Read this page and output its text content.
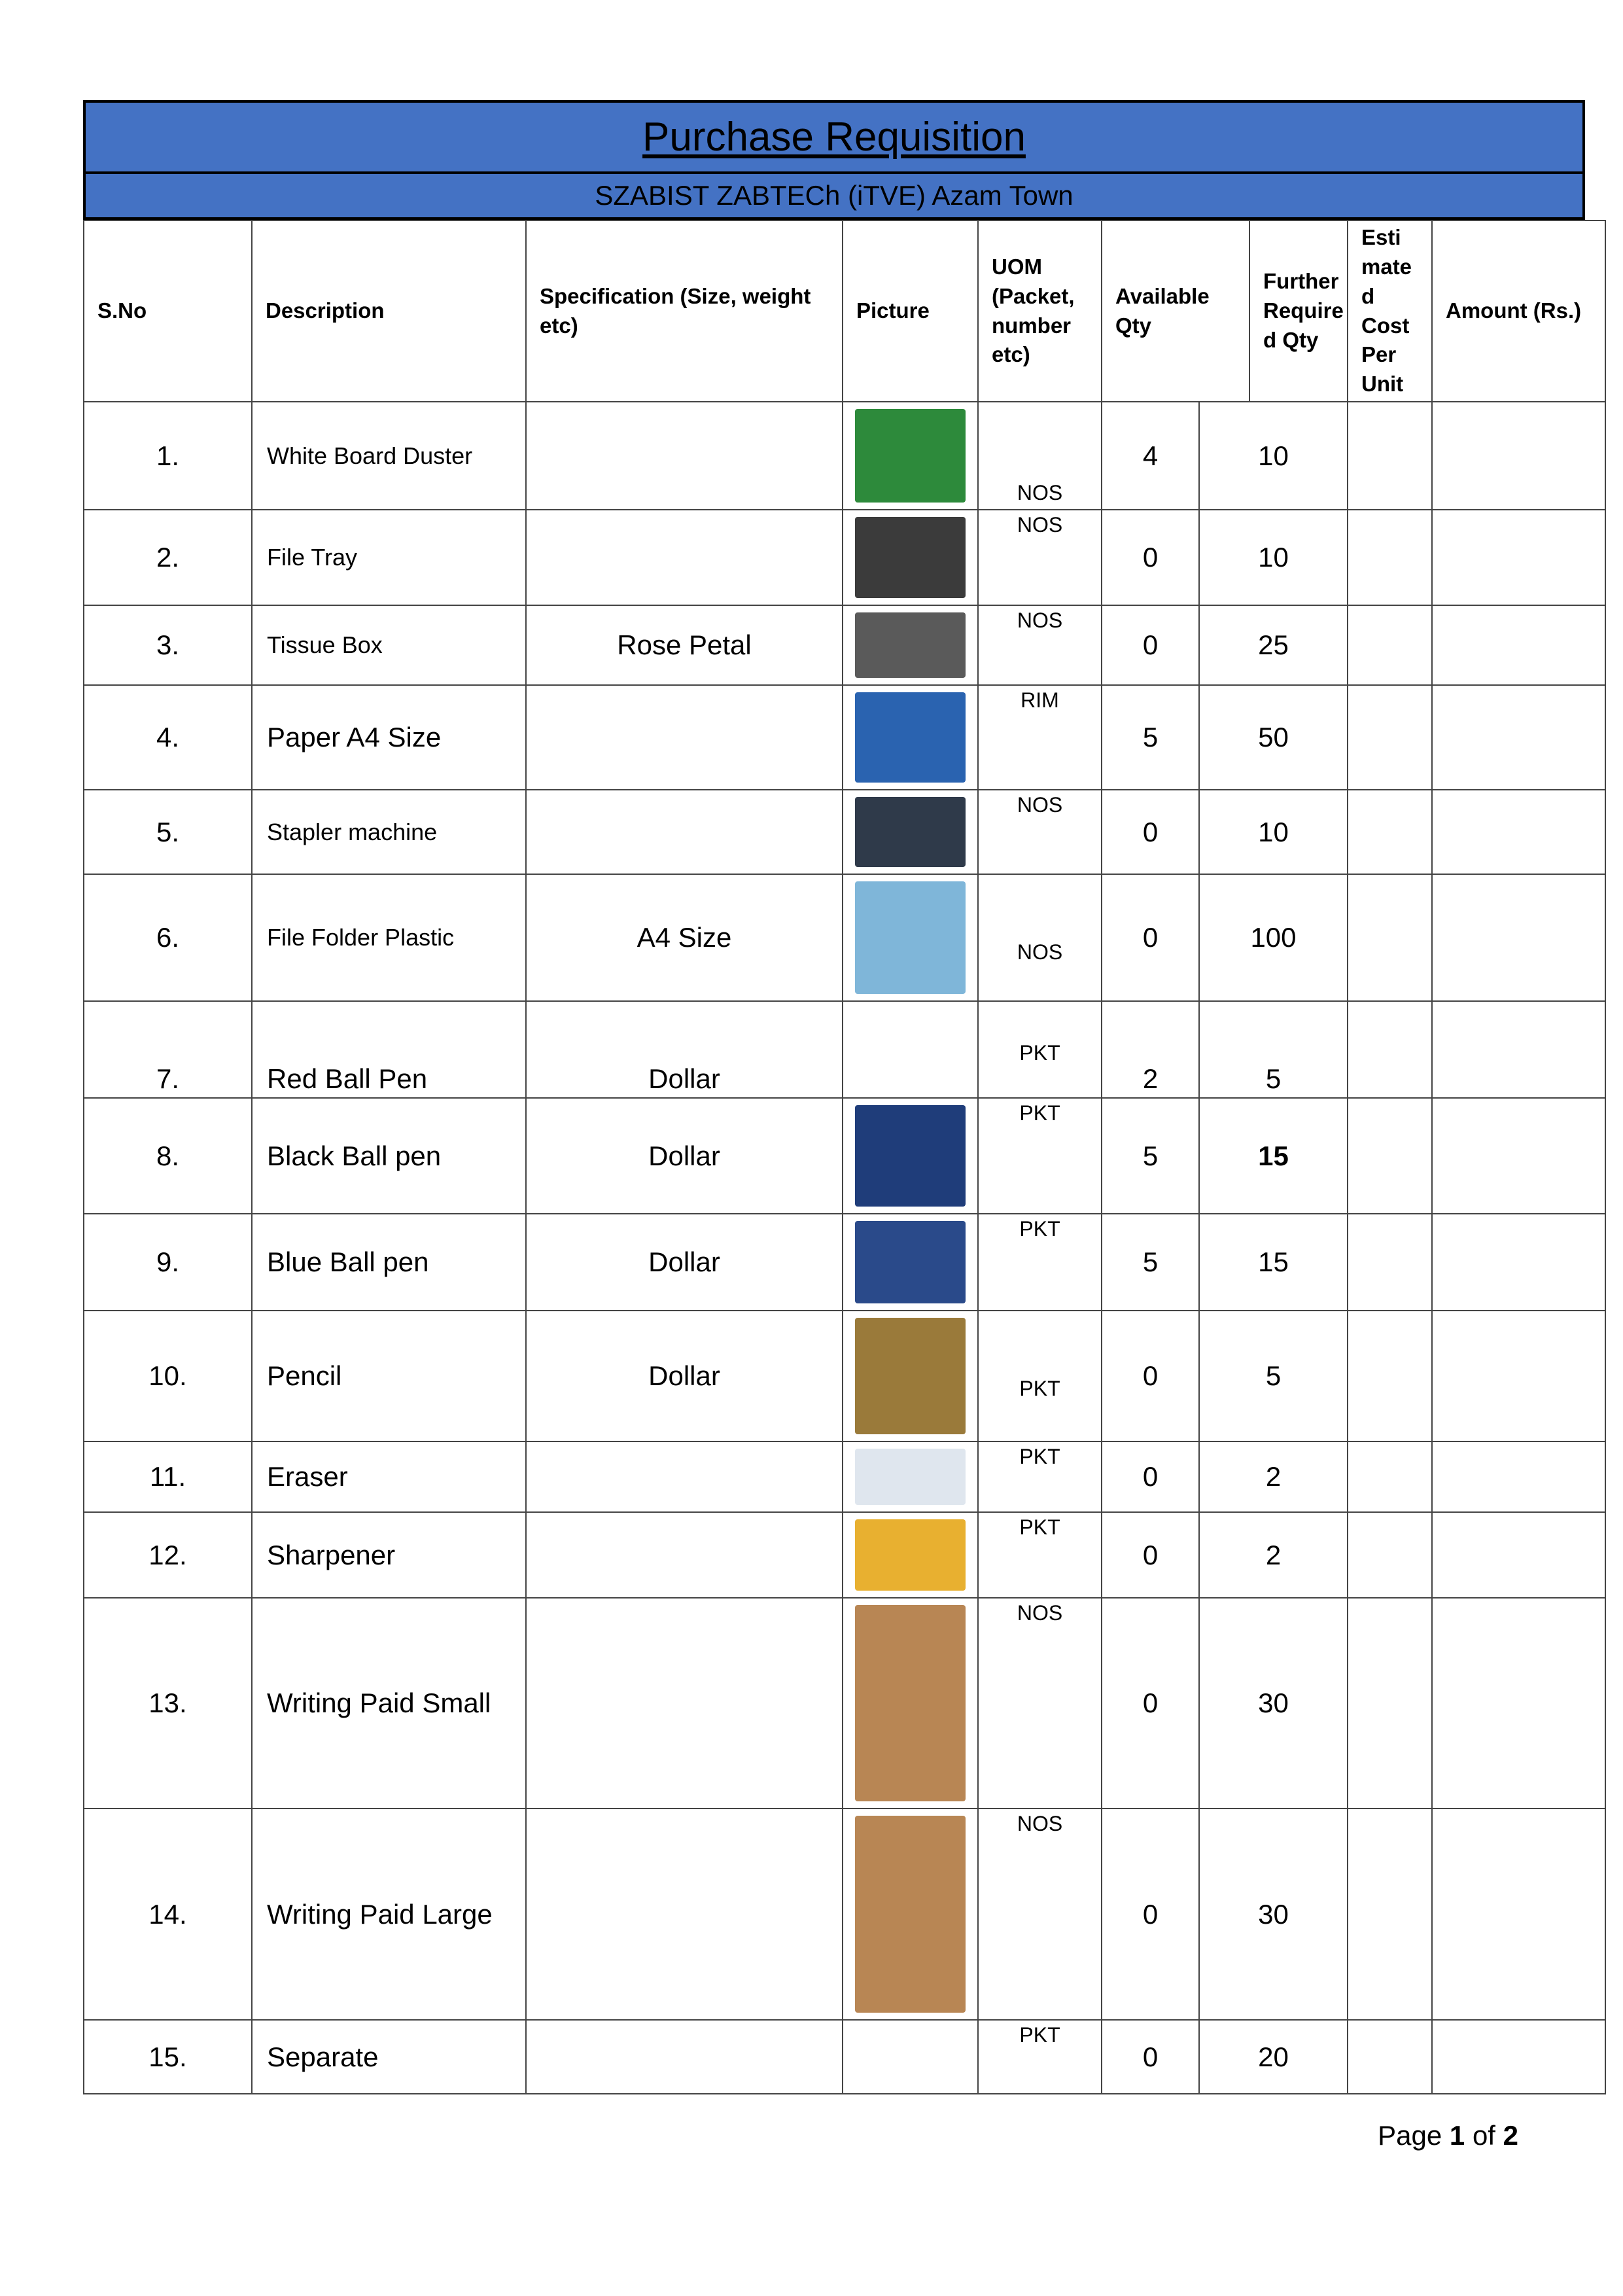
Purchase Requisition
SZABIST ZABTECh (iTVE) Azam Town
S.No	Description	Specification (Size, weight etc)	Picture	UOM (Packet, number etc)	Available Qty		Further Require d Qty	Esti mate d Cost Per Unit	Amount (Rs.)
1.	White Board Duster			NOS	4	10			
2.	File Tray			NOS	0	10			
3.	Tissue Box	Rose Petal		NOS	0	25			
4.	Paper A4 Size			RIM	5	50			
5.	Stapler machine			NOS	0	10			
6.	File Folder Plastic	A4 Size		NOS	0	100			
7.	Red Ball Pen	Dollar		PKT	2	5			
8.	Black Ball pen	Dollar		PKT	5	15			
9.	Blue Ball pen	Dollar		PKT	5	15			
10.	Pencil	Dollar		PKT	0	5			
11.	Eraser			PKT	0	2			
12.	Sharpener			PKT	0	2			
13.	Writing Paid Small			NOS	0	30			
14.	Writing Paid Large			NOS	0	30			
15.	Separate			PKT	0	20			
Page 1 of 2
